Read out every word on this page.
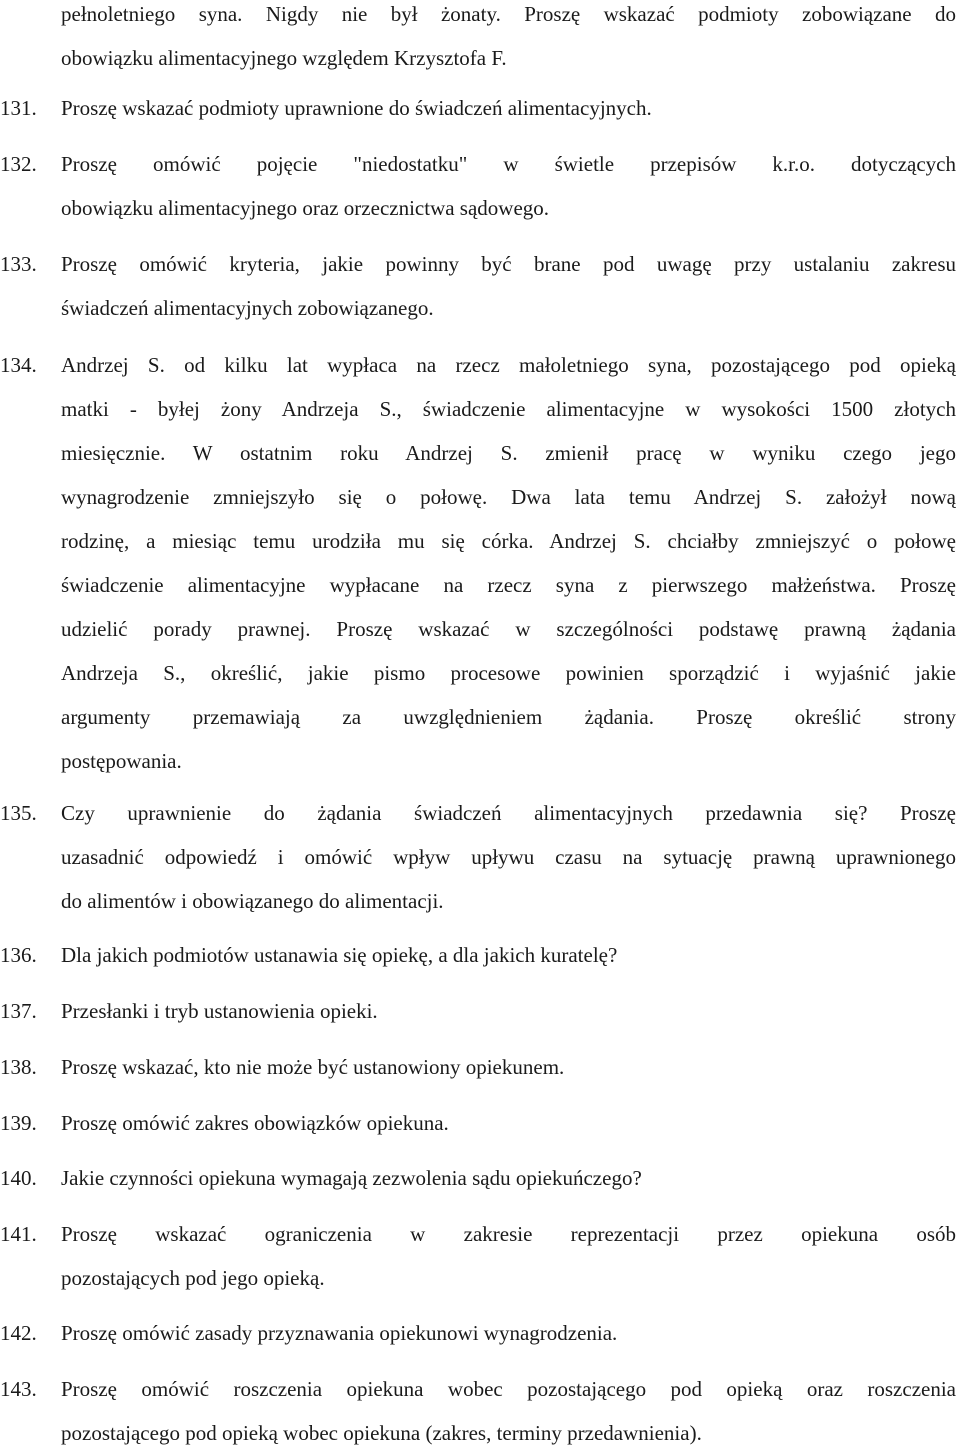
pełnoletniego syna. Nigdy nie był żonaty. Proszę wskazać podmioty zobowiązane do
obowiązku alimentacyjnego względem Krzysztofa F.
131.	Proszę wskazać podmioty uprawnione do świadczeń alimentacyjnych.
132.	Proszę omówić pojęcie "niedostatku" w świetle przepisów k.r.o. dotyczących
obowiązku alimentacyjnego oraz orzecznictwa sądowego.
133.	Proszę omówić kryteria, jakie powinny być brane pod uwagę przy ustalaniu zakresu
świadczeń alimentacyjnych zobowiązanego.
134.	Andrzej S. od kilku lat wypłaca na rzecz małoletniego syna, pozostającego pod opieką
matki - byłej żony Andrzeja S., świadczenie alimentacyjne w wysokości 1500 złotych
miesięcznie. W ostatnim roku Andrzej S. zmienił pracę w wyniku czego jego
wynagrodzenie zmniejszyło się o połowę. Dwa lata temu Andrzej S. założył nową
rodzinę, a miesiąc temu urodziła mu się córka. Andrzej S. chciałby zmniejszyć o połowę
świadczenie alimentacyjne wypłacane na rzecz syna z pierwszego małżeństwa. Proszę
udzielić porady prawnej. Proszę wskazać w szczególności podstawę prawną żądania
Andrzeja S., określić, jakie pismo procesowe powinien sporządzić i wyjaśnić jakie
argumenty przemawiają za uwzględnieniem żądania. Proszę określić strony
postępowania.
135.	Czy uprawnienie do żądania świadczeń alimentacyjnych przedawnia się? Proszę
uzasadnić odpowiedź i omówić wpływ upływu czasu na sytuację prawną uprawnionego
do alimentów i obowiązanego do alimentacji.
136.	Dla jakich podmiotów ustanawia się opiekę, a dla jakich kuratelę?
137.	Przesłanki i tryb ustanowienia opieki.
138.	Proszę wskazać, kto nie może być ustanowiony opiekunem.
139.	Proszę omówić zakres obowiązków opiekuna.
140.	Jakie czynności opiekuna wymagają zezwolenia sądu opiekuńczego?
141.	Proszę wskazać ograniczenia w zakresie reprezentacji przez opiekuna osób
pozostających pod jego opieką.
142.	Proszę omówić zasady przyznawania opiekunowi wynagrodzenia.
143.	Proszę omówić roszczenia opiekuna wobec pozostającego pod opieką oraz roszczenia
pozostającego pod opieką wobec opiekuna (zakres, terminy przedawnienia).
